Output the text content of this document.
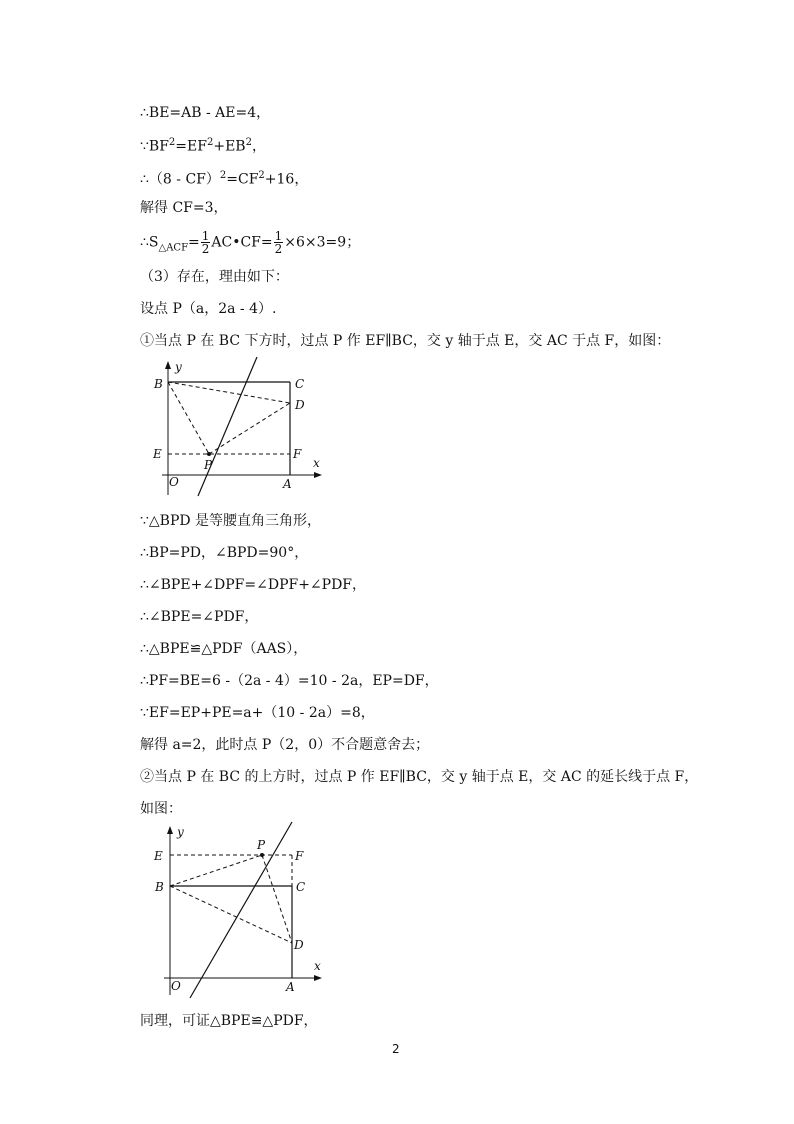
∴BE=AB - AE=4，
$\because BF^2=EF^2+EB^2$，
∴（8 - $CF)^2=CF^2+16$，
解得 CF=3，
$\therefore S_{\triangle ACF}= \frac{1}{2}$ AC•CF= $\frac{1}{2} \times 6\times 3=9$；
（3）存在，理由如下：
设点 P（a，2a - 4）.
①当点 P 在 BC 下方时，过点 P 作 EF∥BC，交 y 轴于点 E，交 AC 于点 F，如图：
B
y
C
D
E
P
F
x
O	A
∵△BPD 是等腰直角三角形，
∴BP=PD，∠BPD=90°，
∴∠BPE+∠DPF=∠DPF+∠PDF，
∴∠BPE=∠PDF，
∴△BPE≌△PDF（AAS），
∴PF=BE=6 -（2a - 4）=10 - 2a，EP=DF，
∵EF=EP+PE=a+（10 - 2a）=8，
解得 a=2，此时点 P（2，0）不合题意舍去；
②当点 P 在 BC 的上方时，过点 P 作 EF∥BC，交 y 轴于点 E，交 AC 的延长线于点 F，
如图：
y
E
P
F
B	C
D
x
O	A
同理，可证△BPE≌△PDF，
2
